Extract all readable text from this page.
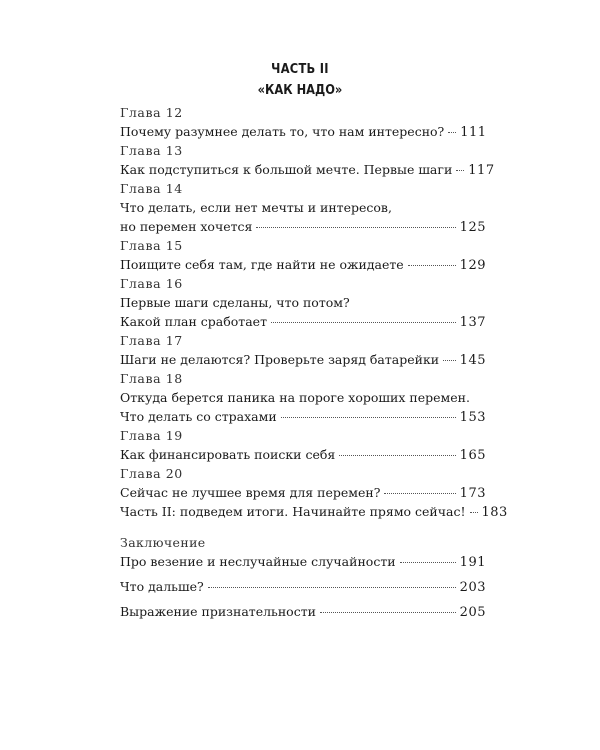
ЧАСТЬ II
«КАК НАДО»
Глава 12
Почему разумнее делать то, что нам интересно? 111
Глава 13
Как подступиться к большой мечте. Первые шаги 117
Глава 14
Что делать, если нет мечты и интересов,
но перемен хочется	125
Глава 15
Поищите себя там, где найти не ожидаете	129
Глава 16
Первые шаги сделаны, что потом?
Какой план сработает	137
Глава 17
Шаги не делаются? Проверьте заряд батарейки 145
Глава 18
Откуда берется паника на пороге хороших перемен.
Что делать со страхами	153
Глава 19
Как финансировать поиски себя	165
Глава 20
Сейчас не лучшее время для перемен?	173
Часть II: подведем итоги. Начинайте прямо сейчас! 183
Заключение
Про везение и неслучайные случайности	191
Что дальше?	203
Выражение признательности	205
